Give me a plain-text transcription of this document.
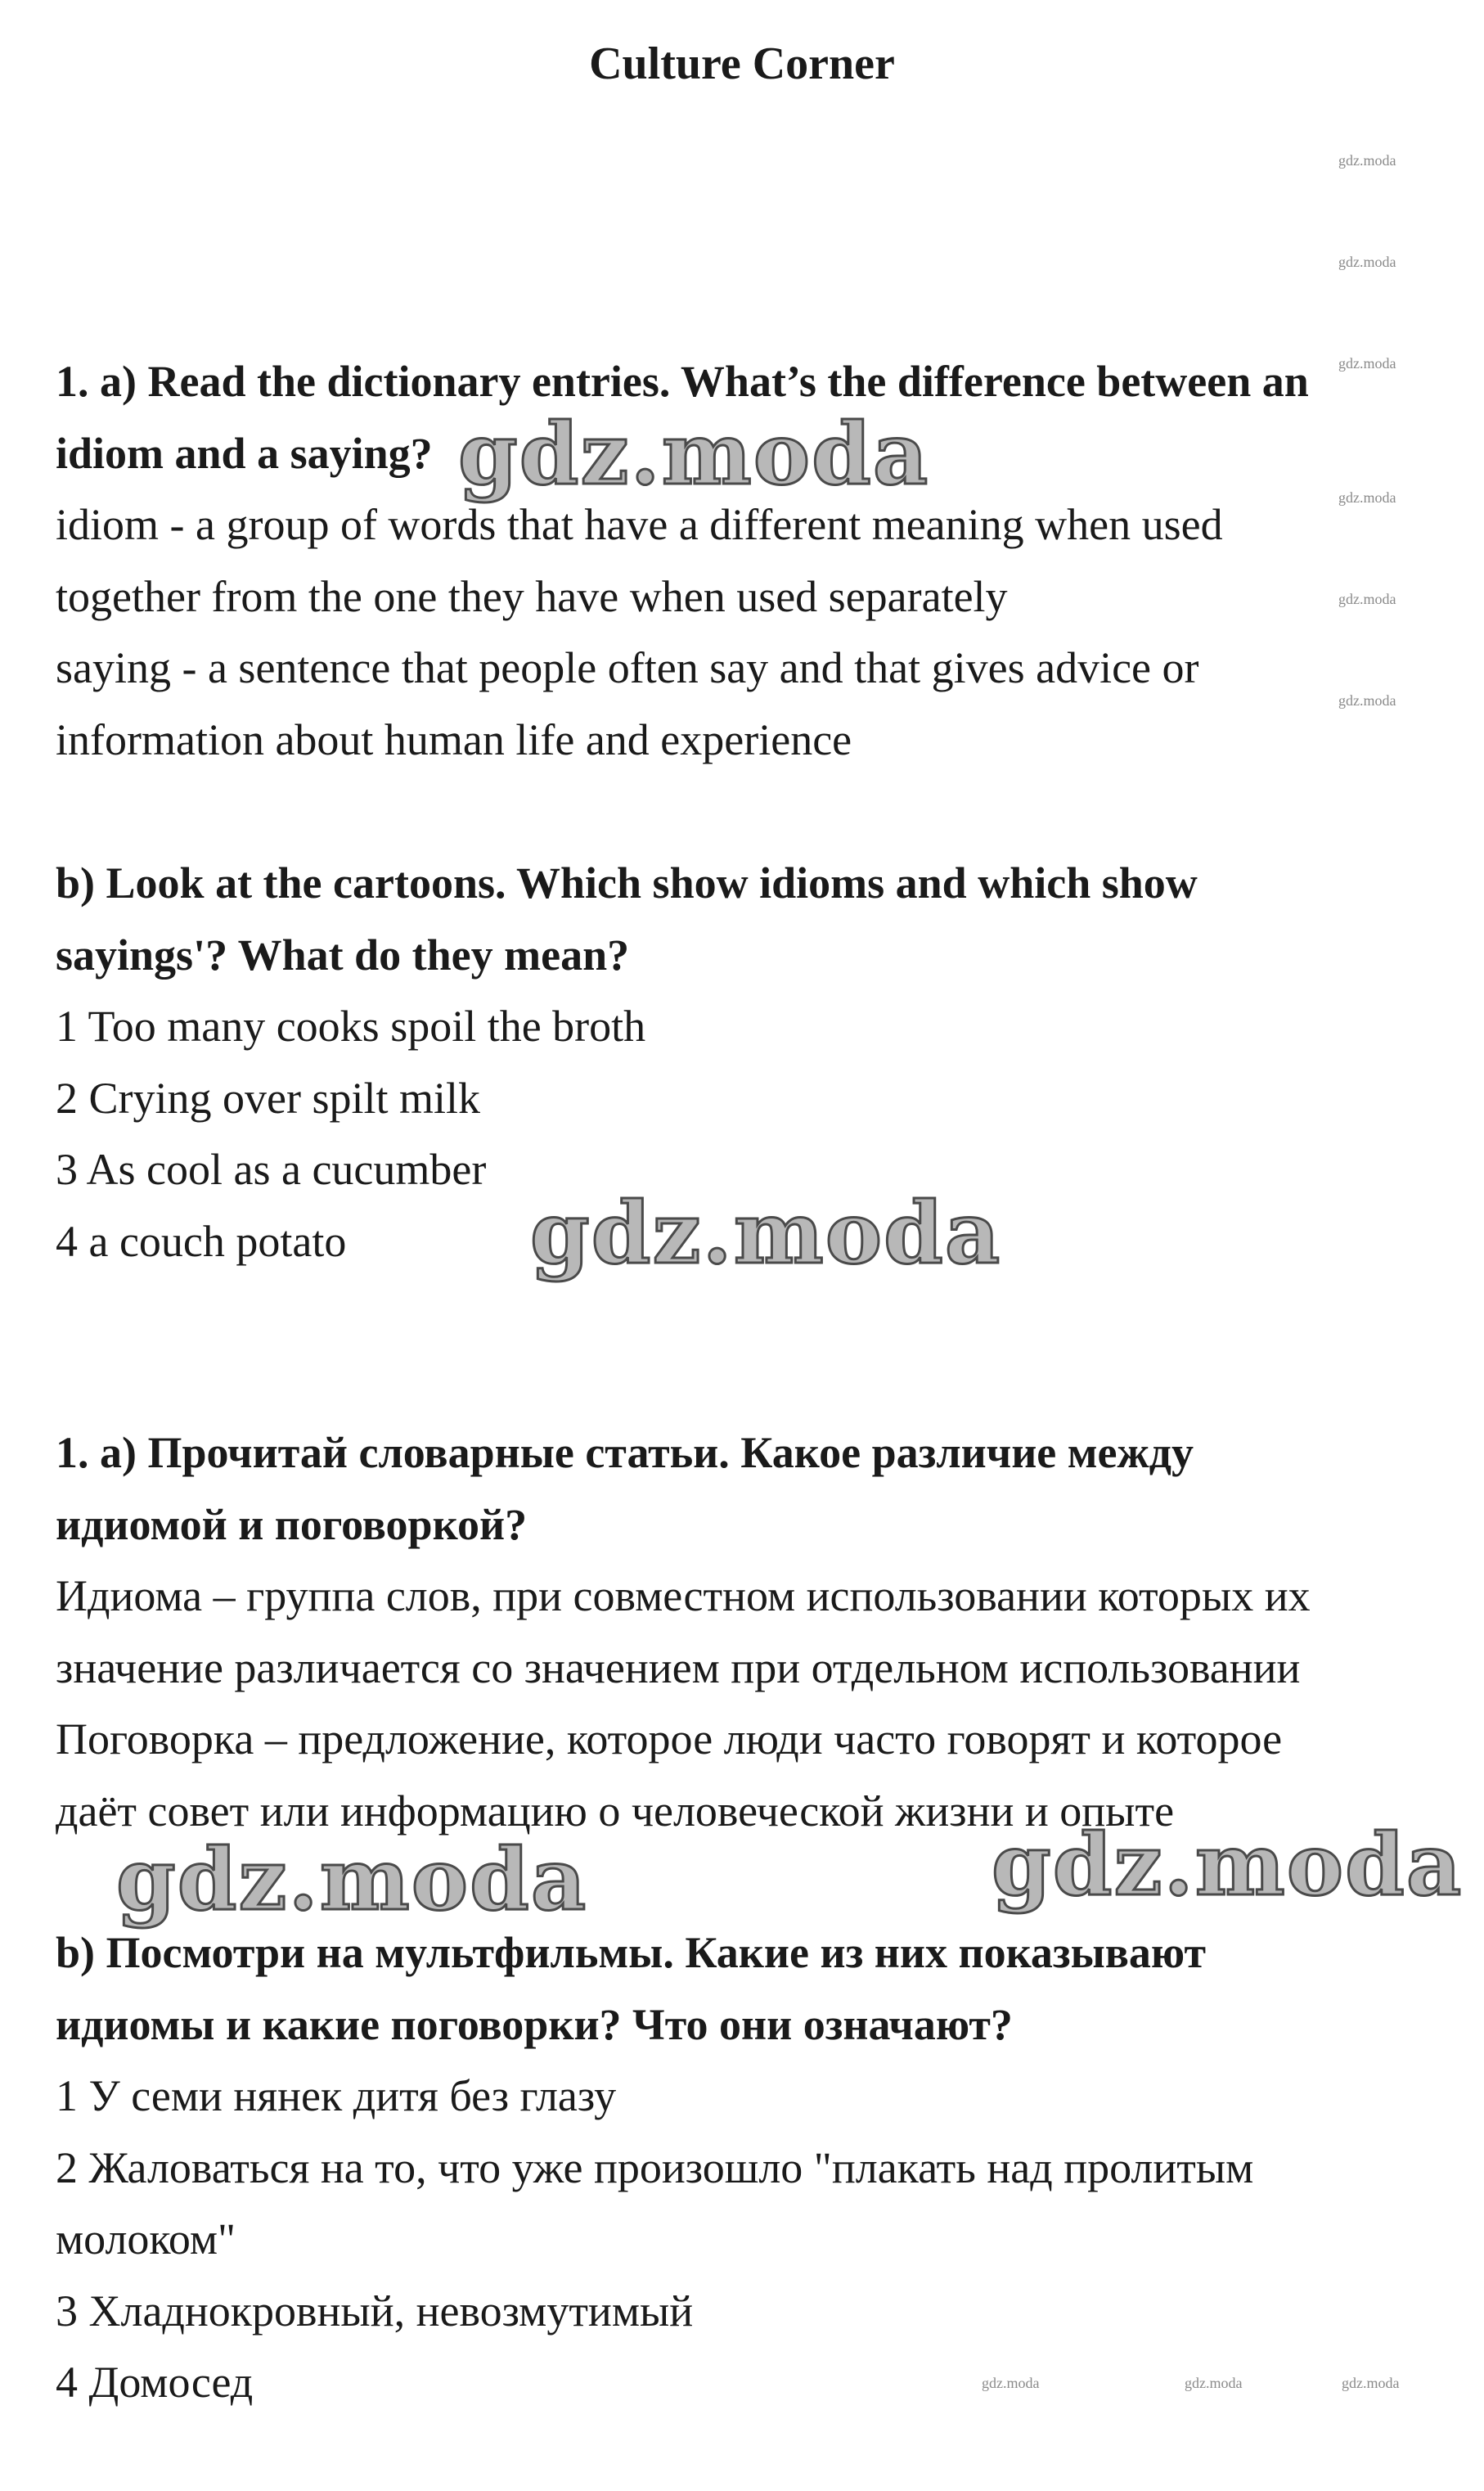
Culture Corner
1. a) Read the dictionary entries. What’s the difference between an
idiom and a saying?
idiom - a group of words that have a different meaning when used
together from the one they have when used separately
saying - a sentence that people often say and that gives advice or
information about human life and experience
b) Look at the cartoons. Which show idioms and which show
sayings'? What do they mean?
1 Too many cooks spoil the broth
2 Crying over spilt milk
3 As cool as a cucumber
4 a couch potato
1. a) Прочитай словарные статьи. Какое различие между
идиомой и поговоркой?
Идиома – группа слов, при совместном использовании которых их
значение различается со значением при отдельном использовании
Поговорка – предложение, которое люди часто говорят и которое
даёт совет или информацию о человеческой жизни и опыте
b) Посмотри на мультфильмы. Какие из них показывают
идиомы и какие поговорки? Что они означают?
1 У семи нянек дитя без глазу
2 Жаловаться на то, что уже произошло "плакать над пролитым
молоком"
3 Хладнокровный, невозмутимый
4 Домосед
gdz.moda
gdz.moda
gdz.moda
gdz.moda
gdz.moda
gdz.moda
gdz.moda	gdz.moda	gdz.moda
gdz.moda
gdz.moda
gdz.moda	gdz.moda
